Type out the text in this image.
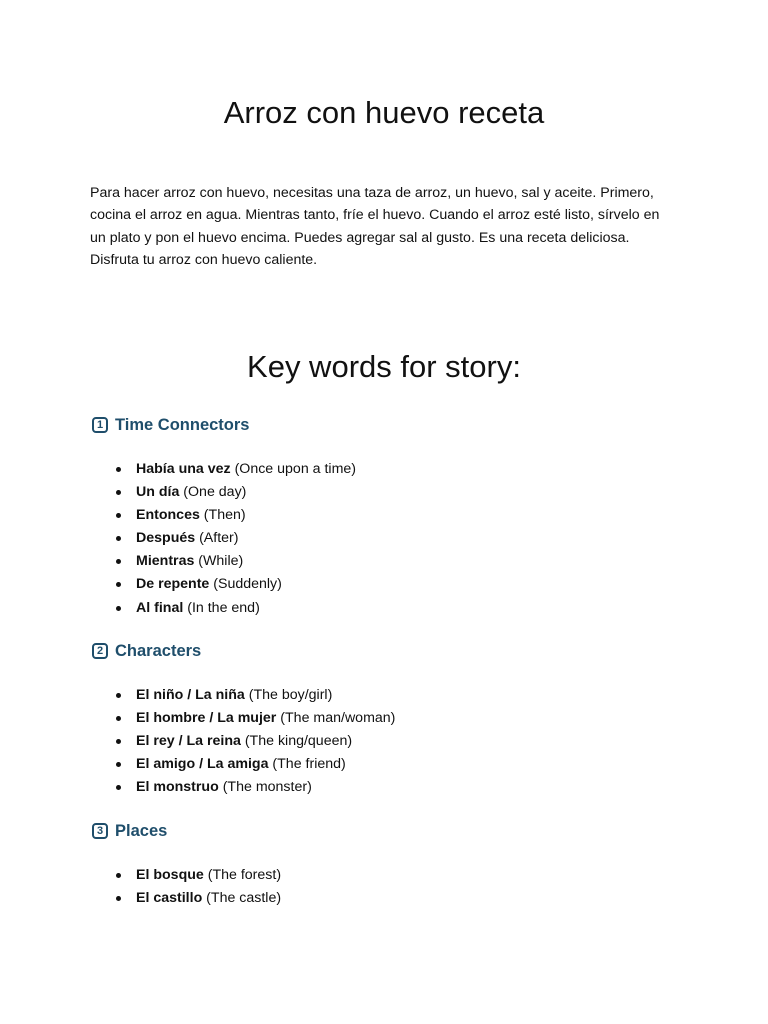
Arroz con huevo receta

Para hacer arroz con huevo, necesitas una taza de arroz, un huevo, sal y aceite. Primero, cocina el arroz en agua. Mientras tanto, fríe el huevo. Cuando el arroz esté listo, sírvelo en un plato y pon el huevo encima. Puedes agregar sal al gusto. Es una receta deliciosa. Disfruta tu arroz con huevo caliente.

Key words for story:
1 Time Connectors
Había una vez (Once upon a time)
Un día (One day)
Entonces (Then)
Después (After)
Mientras (While)
De repente (Suddenly)
Al final (In the end)
2 Characters
El niño / La niña (The boy/girl)
El hombre / La mujer (The man/woman)
El rey / La reina (The king/queen)
El amigo / La amiga (The friend)
El monstruo (The monster)
3 Places
El bosque (The forest)
El castillo (The castle)
